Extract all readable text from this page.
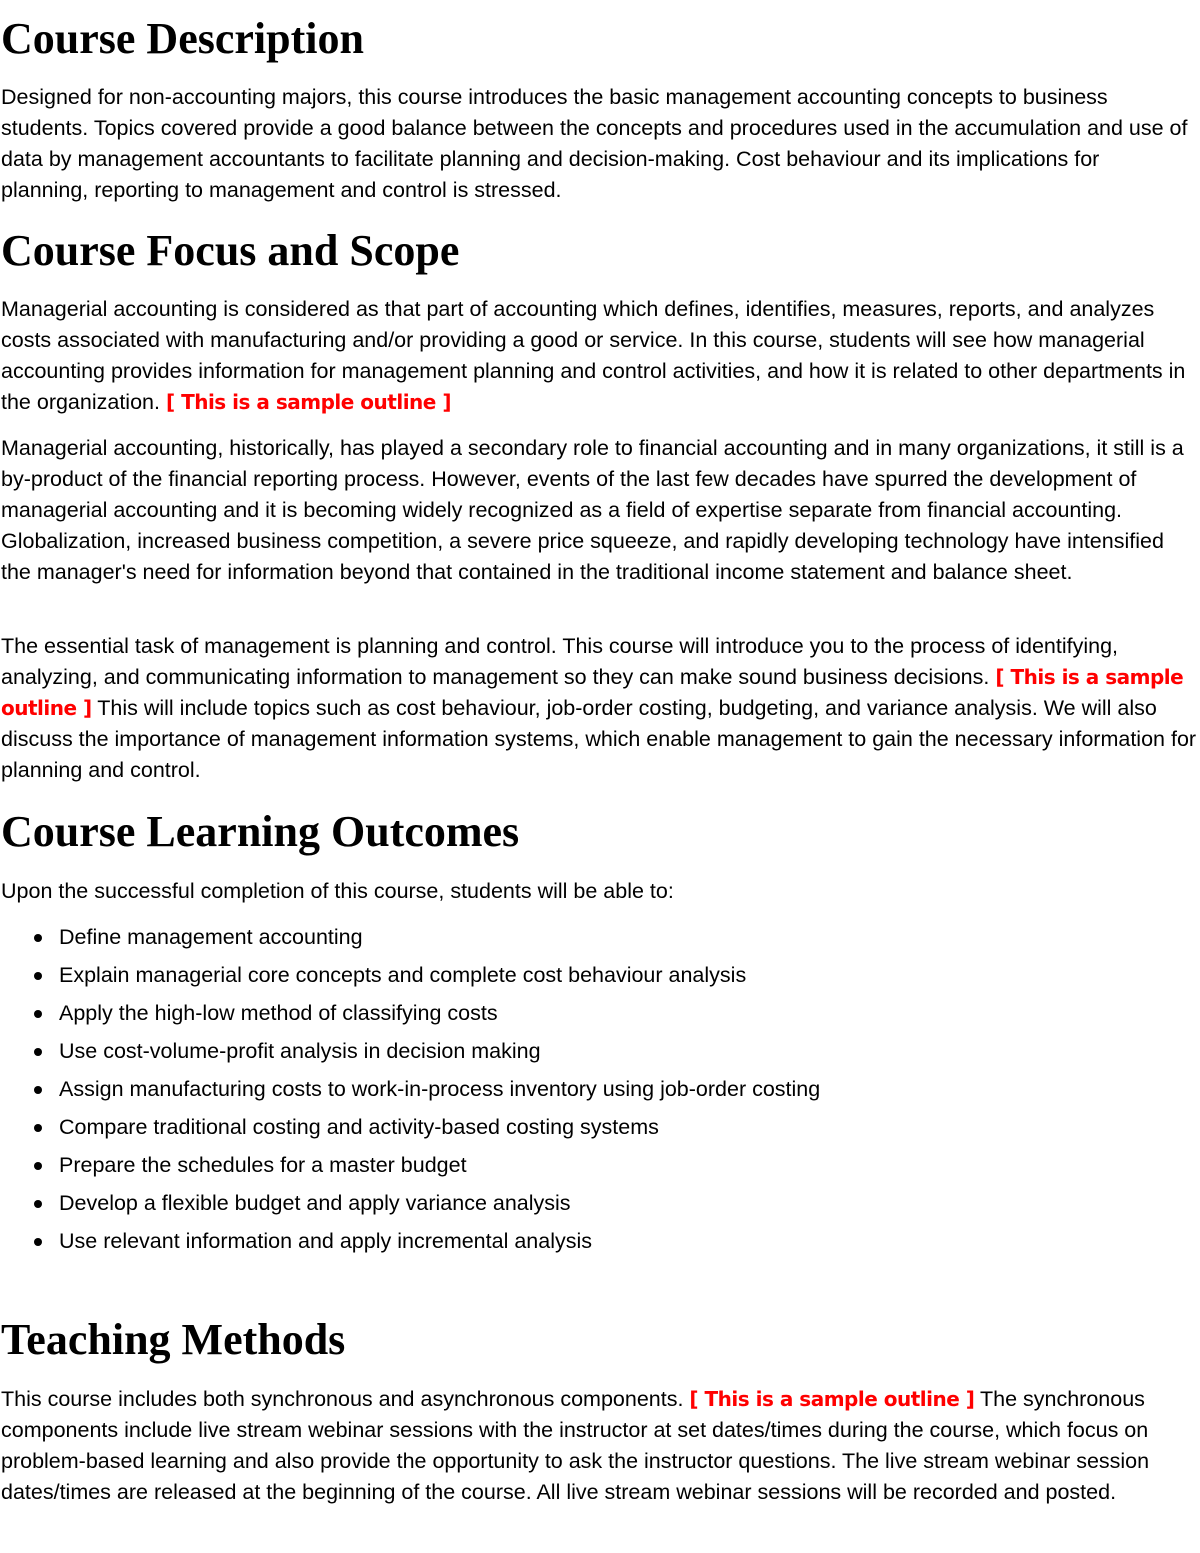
Course Description

Designed for non-accounting majors, this course introduces the basic management accounting concepts to business students. Topics covered provide a good balance between the concepts and procedures used in the accumulation and use of data by management accountants to facilitate planning and decision-making. Cost behaviour and its implications for planning, reporting to management and control is stressed.

Course Focus and Scope

Managerial accounting is considered as that part of accounting which defines, identifies, measures, reports, and analyzes costs associated with manufacturing and/or providing a good or service. In this course, students will see how managerial accounting provides information for management planning and control activities, and how it is related to other departments in the organization. [ This is a sample outline ]

Managerial accounting, historically, has played a secondary role to financial accounting and in many organizations, it still is a by-product of the financial reporting process. However, events of the last few decades have spurred the development of managerial accounting and it is becoming widely recognized as a field of expertise separate from financial accounting. Globalization, increased business competition, a severe price squeeze, and rapidly developing technology have intensified the manager's need for information beyond that contained in the traditional income statement and balance sheet.

The essential task of management is planning and control. This course will introduce you to the process of identifying, analyzing, and communicating information to management so they can make sound business decisions. [ This is a sample outline ] This will include topics such as cost behaviour, job-order costing, budgeting, and variance analysis. We will also discuss the importance of management information systems, which enable management to gain the necessary information for planning and control.

Course Learning Outcomes

Upon the successful completion of this course, students will be able to:

Define management accounting
Explain managerial core concepts and complete cost behaviour analysis
Apply the high-low method of classifying costs
Use cost-volume-profit analysis in decision making
Assign manufacturing costs to work-in-process inventory using job-order costing
Compare traditional costing and activity-based costing systems
Prepare the schedules for a master budget
Develop a flexible budget and apply variance analysis
Use relevant information and apply incremental analysis
Teaching Methods

This course includes both synchronous and asynchronous components. [ This is a sample outline ] The synchronous components include live stream webinar sessions with the instructor at set dates/times during the course, which focus on problem-based learning and also provide the opportunity to ask the instructor questions. The live stream webinar session dates/times are released at the beginning of the course. All live stream webinar sessions will be recorded and posted.
